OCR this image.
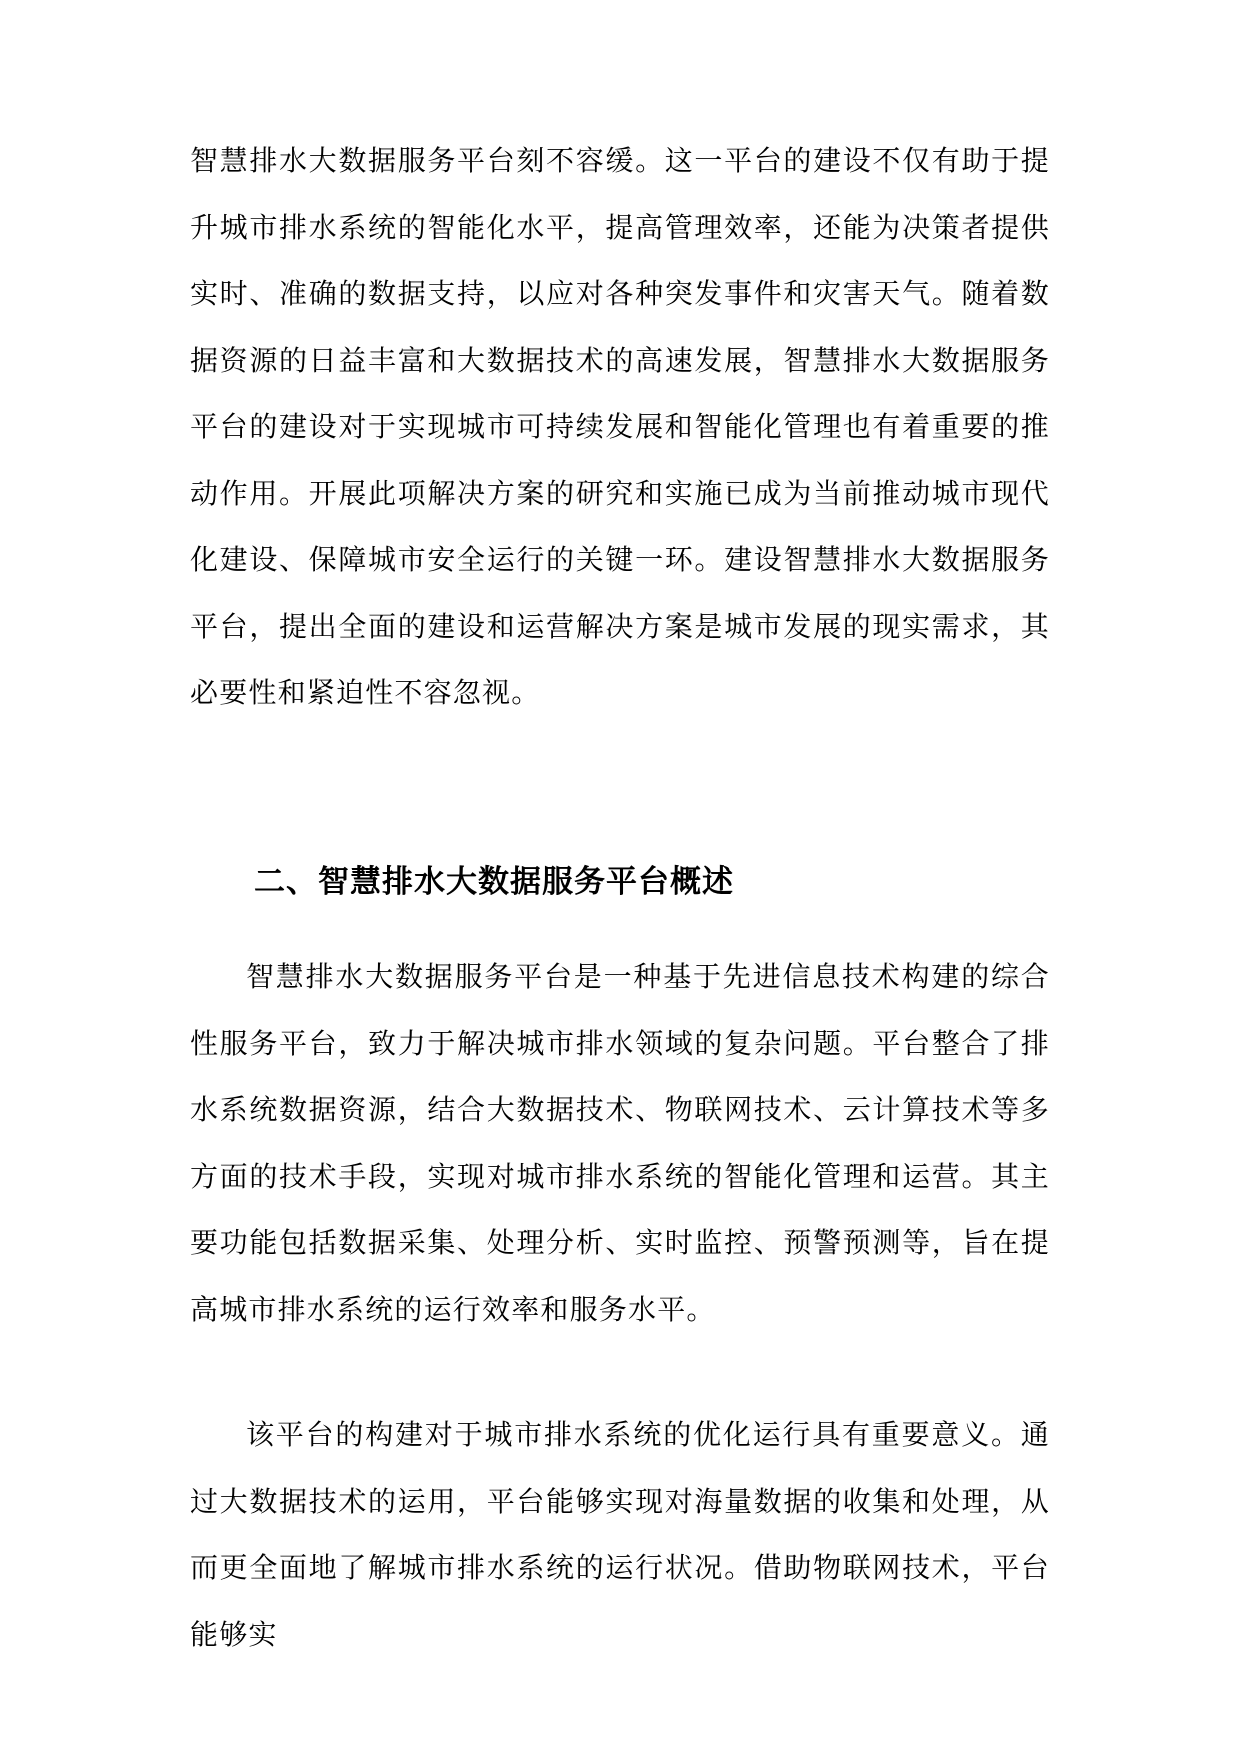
智慧排水大数据服务平台刻不容缓。这一平台的建设不仅有助于提升城市排水系统的智能化水平，提高管理效率，还能为决策者提供实时、准确的数据支持，以应对各种突发事件和灾害天气。随着数据资源的日益丰富和大数据技术的高速发展，智慧排水大数据服务平台的建设对于实现城市可持续发展和智能化管理也有着重要的推动作用。开展此项解决方案的研究和实施已成为当前推动城市现代化建设、保障城市安全运行的关键一环。建设智慧排水大数据服务平台，提出全面的建设和运营解决方案是城市发展的现实需求，其必要性和紧迫性不容忽视。

二、智慧排水大数据服务平台概述

智慧排水大数据服务平台是一种基于先进信息技术构建的综合性服务平台，致力于解决城市排水领域的复杂问题。平台整合了排水系统数据资源，结合大数据技术、物联网技术、云计算技术等多方面的技术手段，实现对城市排水系统的智能化管理和运营。其主要功能包括数据采集、处理分析、实时监控、预警预测等，旨在提高城市排水系统的运行效率和服务水平。

该平台的构建对于城市排水系统的优化运行具有重要意义。通过大数据技术的运用，平台能够实现对海量数据的收集和处理，从而更全面地了解城市排水系统的运行状况。借助物联网技术，平台能够实
